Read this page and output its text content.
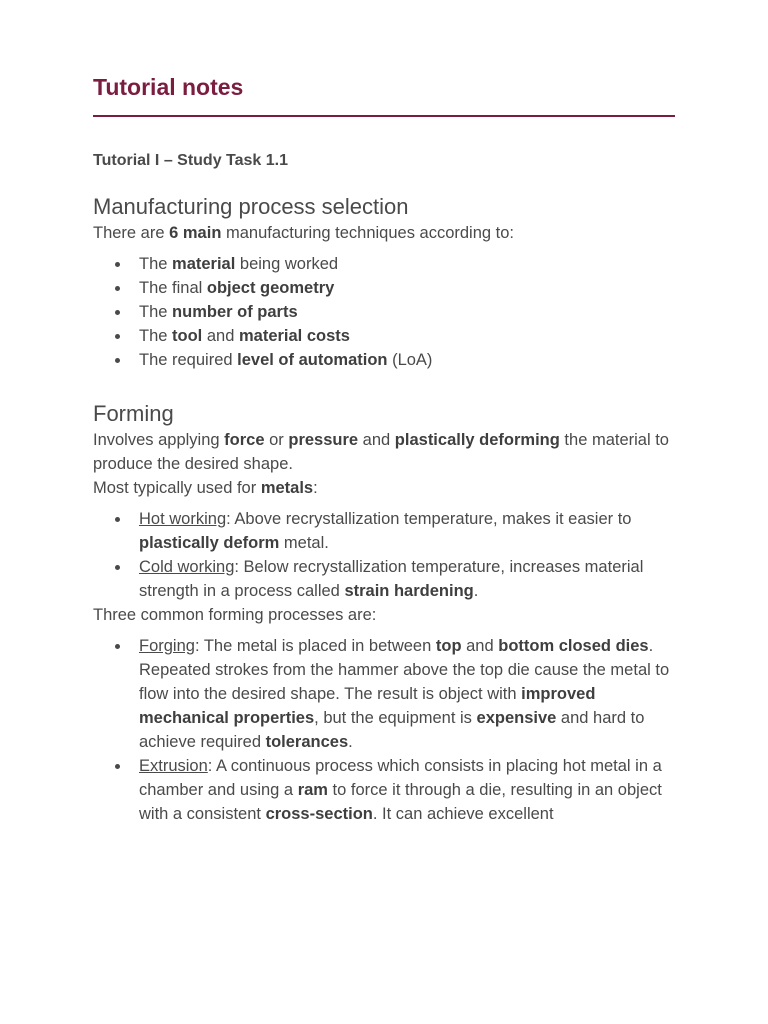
Tutorial notes
Tutorial I – Study Task 1.1
Manufacturing process selection

There are 6 main manufacturing techniques according to:

The material being worked
The final object geometry
The number of parts
The tool and material costs
The required level of automation (LoA)
Forming

Involves applying force or pressure and plastically deforming the material to produce the desired shape.

Most typically used for metals:

Hot working: Above recrystallization temperature, makes it easier to plastically deform metal.
Cold working: Below recrystallization temperature, increases material strength in a process called strain hardening.

Three common forming processes are:

Forging: The metal is placed in between top and bottom closed dies. Repeated strokes from the hammer above the top die cause the metal to flow into the desired shape. The result is object with improved mechanical properties, but the equipment is expensive and hard to achieve required tolerances.
Extrusion: A continuous process which consists in placing hot metal in a chamber and using a ram to force it through a die, resulting in an object with a consistent cross-section. It can achieve excellent
